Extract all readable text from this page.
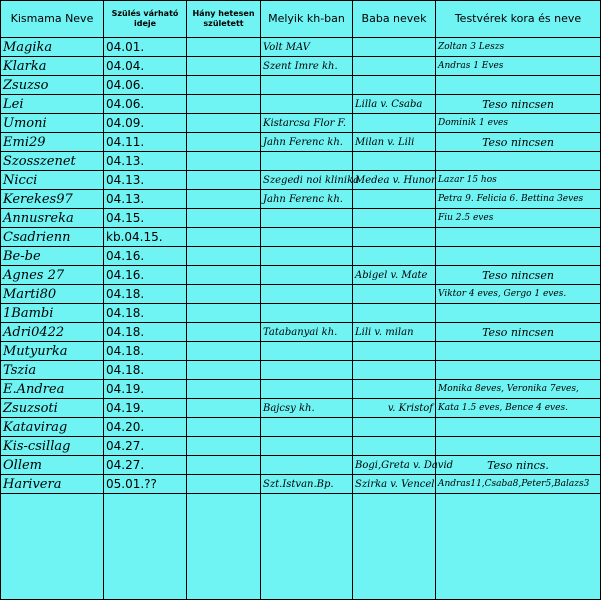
Kismama Neve	Szülés várható ideje	Hány hetesen született	Melyik kh-ban	Baba nevek	Testvérek kora és neve
Magika	04.01.		Volt MAV		Zoltan 3 Leszs
Klarka	04.04.		Szent Imre kh.		Andras 1 Eves
Zsuzso	04.06.				
Lei	04.06.			Lilla v. Csaba	Teso nincsen
Umoni	04.09.		Kistarcsa Flor F.		Dominik 1 eves
Emi29	04.11.		Jahn Ferenc kh.	Milan v. Lili	Teso nincsen
Szosszenet	04.13.				
Nicci	04.13.		Szegedi noi klinika	Medea v. Hunor	Lazar 15 hos
Kerekes97	04.13.		Jahn Ferenc kh.		Petra 9. Felicia 6. Bettina 3eves
Annusreka	04.15.				Fiu 2.5 eves
Csadrienn	kb.04.15.				
Be-be	04.16.				
Agnes 27	04.16.			Abigel v. Mate	Teso nincsen
Marti80	04.18.				Viktor 4 eves, Gergo 1 eves.
1Bambi	04.18.				
Adri0422	04.18.		Tatabanyai kh.	Lili v. milan	Teso nincsen
Mutyurka	04.18.				
Tszia	04.18.				
E.Andrea	04.19.				Monika 8eves, Veronika 7eves,
Zsuzsoti	04.19.		Bajcsy kh.	v. Kristof	Kata 1.5 eves, Bence 4 eves.
Katavirag	04.20.				
Kis-csillag	04.27.				
Ollem	04.27.			Bogi,Greta v. David	Teso nincs.
Harivera	05.01.??		Szt.Istvan.Bp.	Szirka v. Vencel	Andras11,Csaba8,Peter5,Balazs3
